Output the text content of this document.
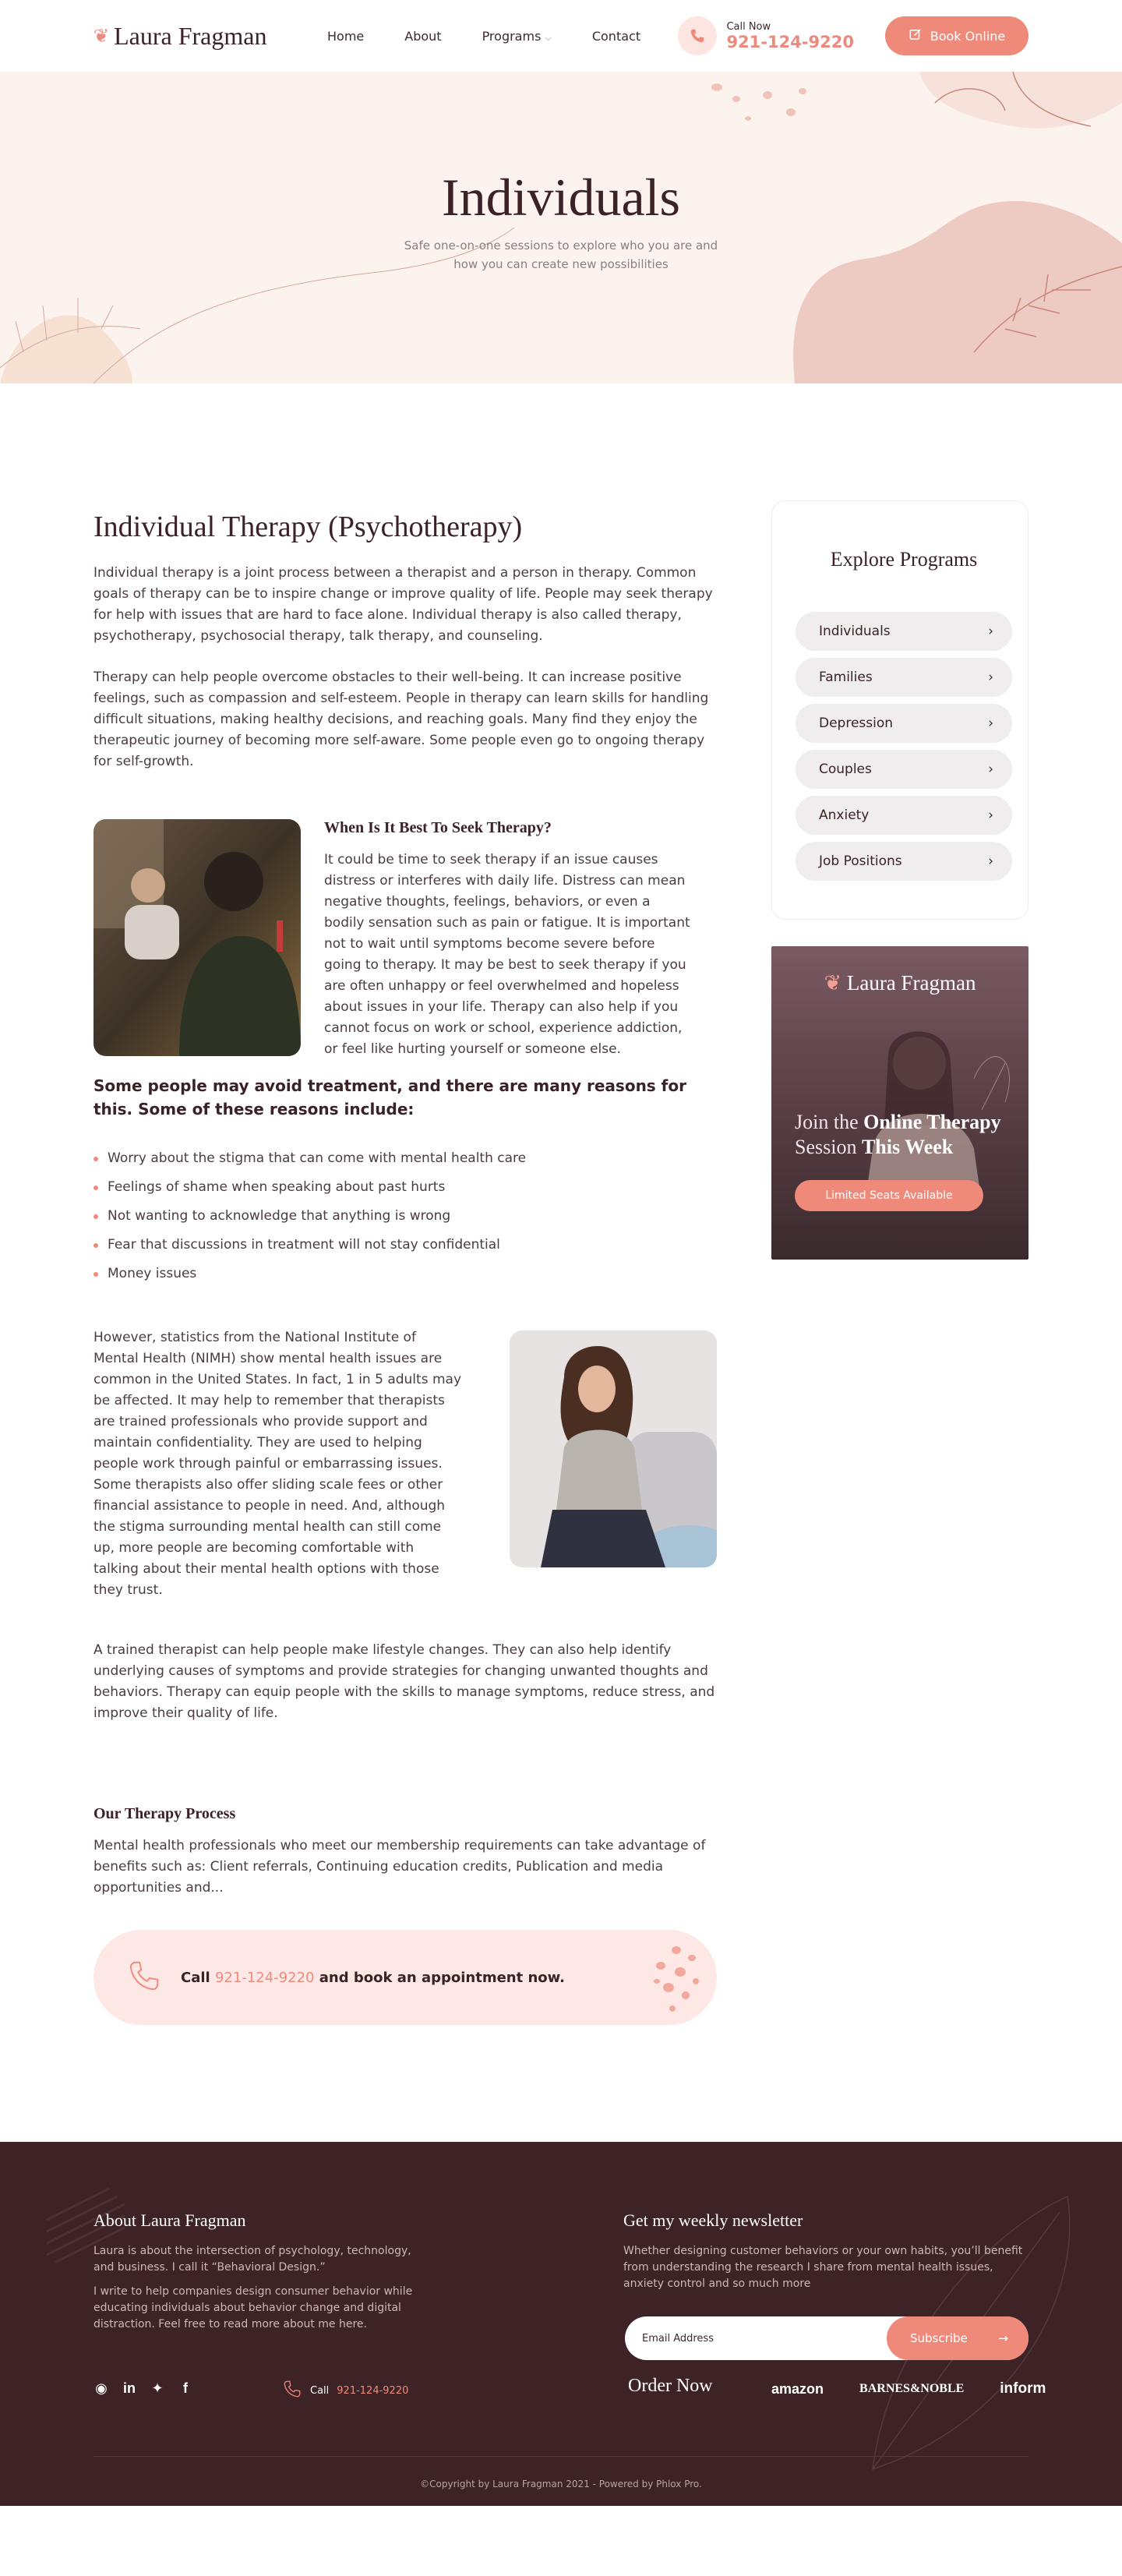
❦ Laura Fragman	Home	About	Programs ⌵	Contact
Call Now
921-124-9220	Book Online
Individuals

Safe one-on-one sessions to explore who you are and how you can create new possibilities

Individual Therapy (Psychotherapy)

Individual therapy is a joint process between a therapist and a person in therapy. Common goals of therapy can be to inspire change or improve quality of life. People may seek therapy for help with issues that are hard to face alone. Individual therapy is also called therapy, psychotherapy, psychosocial therapy, talk therapy, and counseling.

Therapy can help people overcome obstacles to their well-being. It can increase positive feelings, such as compassion and self-esteem. People in therapy can learn skills for handling difficult situations, making healthy decisions, and reaching goals. Many find they enjoy the therapeutic journey of becoming more self-aware. Some people even go to ongoing therapy for self-growth.

When Is It Best To Seek Therapy?

It could be time to seek therapy if an issue causes distress or interferes with daily life. Distress can mean negative thoughts, feelings, behaviors, or even a bodily sensation such as pain or fatigue. It is important not to wait until symptoms become severe before going to therapy. It may be best to seek therapy if you are often unhappy or feel overwhelmed and hopeless about issues in your life. Therapy can also help if you cannot focus on work or school, experience addiction, or feel like hurting yourself or someone else.

Some people may avoid treatment, and there are many reasons for this. Some of these reasons include:
Worry about the stigma that can come with mental health care
Feelings of shame when speaking about past hurts
Not wanting to acknowledge that anything is wrong
Fear that discussions in treatment will not stay confidential
Money issues

However, statistics from the National Institute of Mental Health (NIMH) show mental health issues are common in the United States. In fact, 1 in 5 adults may be affected. It may help to remember that therapists are trained professionals who provide support and maintain confidentiality. They are used to helping people work through painful or embarrassing issues. Some therapists also offer sliding scale fees or other financial assistance to people in need. And, although the stigma surrounding mental health can still come up, more people are becoming comfortable with talking about their mental health options with those they trust.

A trained therapist can help people make lifestyle changes. They can also help identify underlying causes of symptoms and provide strategies for changing unwanted thoughts and behaviors. Therapy can equip people with the skills to manage symptoms, reduce stress, and improve their quality of life.

Our Therapy Process

Mental health professionals who meet our membership requirements can take advantage of benefits such as: Client referrals, Continuing education credits, Publication and media opportunities and...

Call 921-124-9220 and book an appointment now.
Explore Programs
Individuals	›
Families	›
Depression	›
Couples	›
Anxiety	›
Job Positions	›
❦ Laura Fragman
Join the Online Therapy
Session This Week
Limited Seats Available
About Laura Fragman

Laura is about the intersection of psychology, technology, and business. I call it “Behavioral Design.”

I write to help companies design consumer behavior while educating individuals about behavior change and digital distraction. Feel free to read more about me here.

Get my weekly newsletter

Whether designing customer behaviors or your own habits, you’ll benefit from understanding the research I share from mental health issues, anxiety control and so much more

Email Address
Subscribe	→
◉ in ✦	f	Call 921-124-9220	Order Now	amazon	BARNES&NOBLE inform
©Copyright by Laura Fragman 2021 - Powered by Phlox Pro.
